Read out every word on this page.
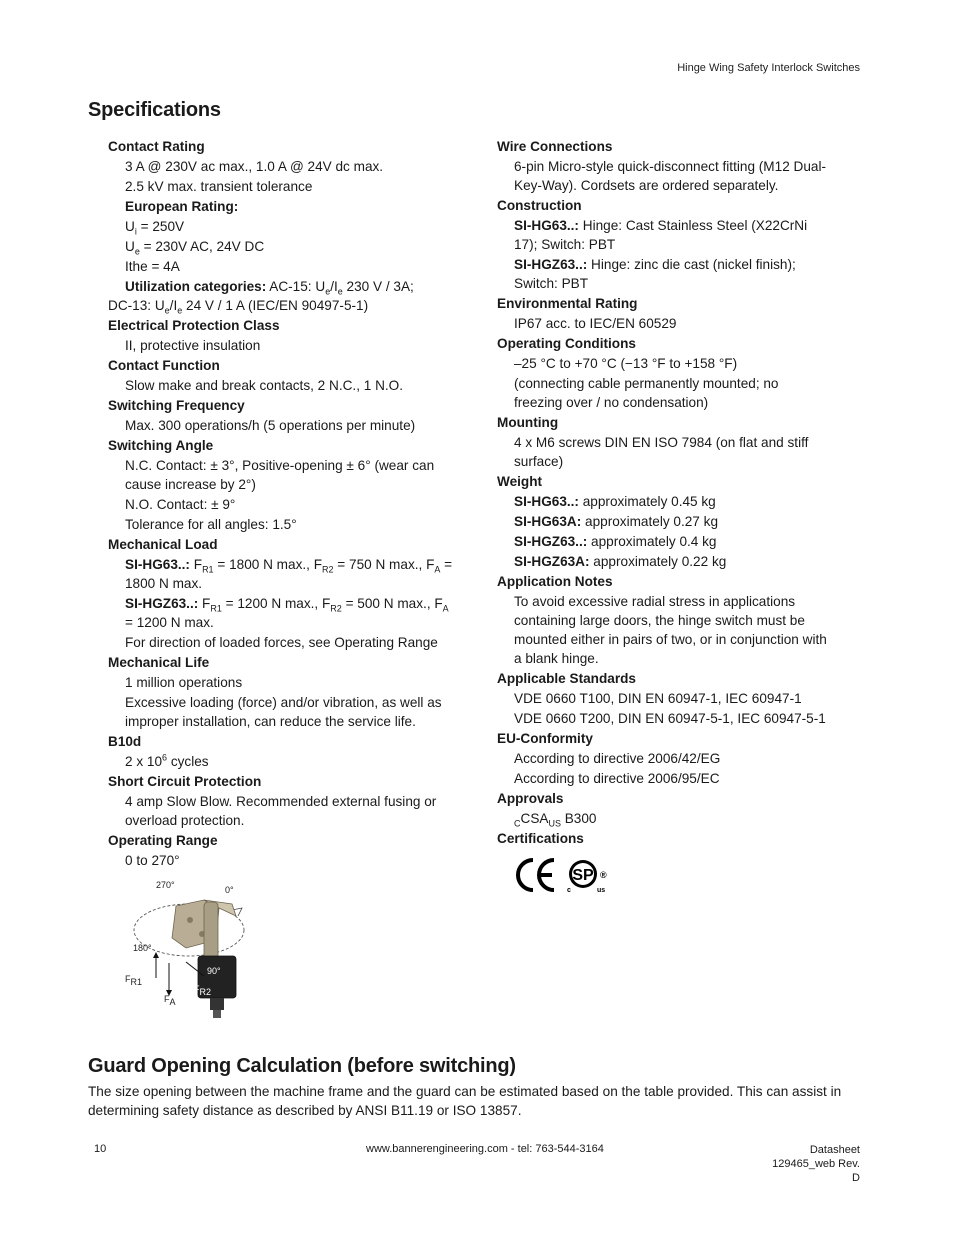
Hinge Wing Safety Interlock Switches
Specifications
Contact Rating
3 A @ 230V ac max., 1.0 A @ 24V dc max.
2.5 kV max. transient tolerance
European Rating:
$U_i = 250V$
$U_e = 230V$ AC, 24V DC
Ithe = 4A
Utilization categories: AC-15: $U_e/I_e$ 230 V / 3A;
DC-13: $U_e/I_e$ 24 V / 1 A (IEC/EN 90497-5-1)
Electrical Protection Class
II, protective insulation
Contact Function
Slow make and break contacts, 2 N.C., 1 N.O.
Switching Frequency
Max. 300 operations/h (5 operations per minute)
Switching Angle
N.C. Contact: ± 3°, Positive-opening ± 6° (wear can cause increase by 2°)
N.O. Contact: ± 9°
Tolerance for all angles: 1.5°
Mechanical Load
SI-HG63..: $F_{R1} = 1800$ N max., $F_{R2} = 750$ N max., $F_A = 1800$ N max.
SI-HGZ63..: $F_{R1} = 1200$ N max., $F_{R2} = 500$ N max., $F_A = 1200$ N max.
For direction of loaded forces, see Operating Range
Mechanical Life
1 million operations
Excessive loading (force) and/or vibration, as well as improper installation, can reduce the service life.
B10d
2 x $10^6$ cycles
Short Circuit Protection
4 amp Slow Blow. Recommended external fusing or overload protection.
Operating Range
0 to 270°
270°	0°
180°
90°
$F_{R1}$
$F_{R2}$
$F_A$
Wire Connections
6-pin Micro-style quick-disconnect fitting (M12 Dual-Key-Way). Cordsets are ordered separately.
Construction
SI-HG63..: Hinge: Cast Stainless Steel (X22CrNi 17); Switch: PBT
SI-HGZ63..: Hinge: zinc die cast (nickel finish); Switch: PBT
Environmental Rating
IP67 acc. to IEC/EN 60529
Operating Conditions
–25 °C to +70 °C (−13 °F to +158 °F)
(connecting cable permanently mounted; no freezing over / no condensation)
Mounting
4 x M6 screws DIN EN ISO 7984 (on flat and stiff surface)
Weight
SI-HG63..: approximately 0.45 kg
SI-HG63A: approximately 0.27 kg
SI-HGZ63..: approximately 0.4 kg
SI-HGZ63A: approximately 0.22 kg
Application Notes
To avoid excessive radial stress in applications containing large doors, the hinge switch must be mounted either in pairs of two, or in conjunction with a blank hinge.
Applicable Standards
VDE 0660 T100, DIN EN 60947-1, IEC 60947-1
VDE 0660 T200, DIN EN 60947-5-1, IEC 60947-5-1
EU-Conformity
According to directive 2006/42/EG
According to directive 2006/95/EC
Approvals
$_CCSA_{US}$ B300
Certifications
SP
c	us
®
Guard Opening Calculation (before switching)

The size opening between the machine frame and the guard can be estimated based on the table provided. This can assist in determining safety distance as described by ANSI B11.19 or ISO 13857.

10	www.bannerengineering.com - tel: 763-544-3164	Datasheet
129465_web Rev.
D
